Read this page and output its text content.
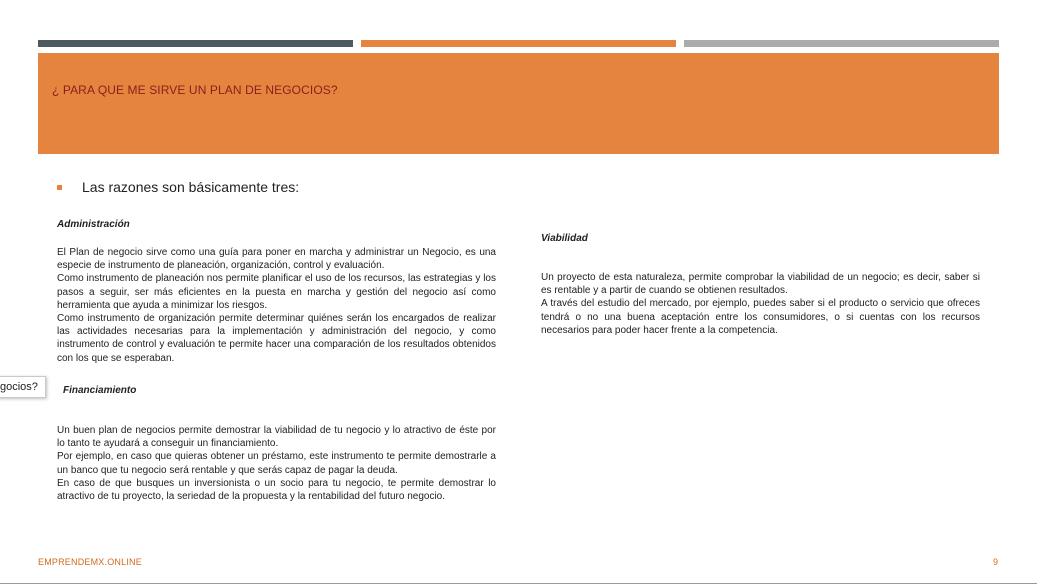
¿ PARA QUE ME SIRVE UN PLAN DE NEGOCIOS?
Las razones son básicamente tres:
Administración
El Plan de negocio sirve como una guía para poner en marcha y administrar un Negocio, es una especie de instrumento de planeación, organización, control y evaluación.
Como instrumento de planeación nos permite planificar el uso de los recursos, las estrategias y los pasos a seguir, ser más eficientes en la puesta en marcha y gestión del negocio así como herramienta que ayuda a minimizar los riesgos.
Como instrumento de organización permite determinar quiénes serán los encargados de realizar las actividades necesarias para la implementación y administración del negocio, y como instrumento de control y evaluación te permite hacer una comparación de los resultados obtenidos con los que se esperaban.
Financiamiento
Un buen plan de negocios permite demostrar la viabilidad de tu negocio y lo atractivo de éste por lo tanto te ayudará a conseguir un financiamiento.
Por ejemplo, en caso que quieras obtener un préstamo, este instrumento te permite demostrarle a un banco que tu negocio será rentable y que serás capaz de pagar la deuda.
En caso de que busques un inversionista o un socio para tu negocio, te permite demostrar lo atractivo de tu proyecto, la seriedad de la propuesta y la rentabilidad del futuro negocio.
Viabilidad
Un proyecto de esta naturaleza, permite comprobar la viabilidad de un negocio; es decir, saber si es rentable y a partir de cuando se obtienen resultados.
A través del estudio del mercado, por ejemplo, puedes saber si el producto o servicio que ofreces tendrá o no una buena aceptación entre los consumidores, o si cuentas con los recursos necesarios para poder hacer frente a la competencia.
gocios?
EMPRENDEMX.ONLINE	9
